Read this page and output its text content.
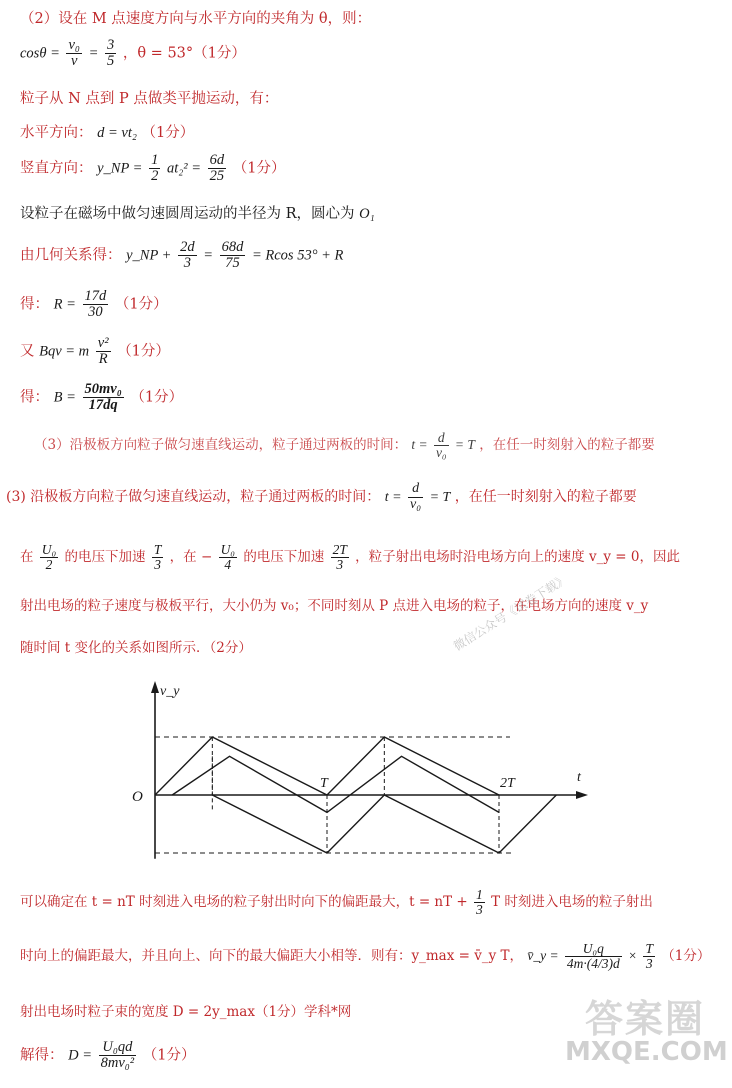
（2）设在 M 点速度方向与水平方向的夹角为 θ，则：
$\cos\theta = \frac{\text{v₀}}{v} = \frac{3}{5}$ ，θ = 53°（1分）
粒子从 N 点到 P 点做类平抛运动，有：
水平方向： d = vt₂ （1分）
竖直方向： y_NP = $\frac{1}{2} at_2^2 = \frac{6d}{25} (1$分）
设粒子在磁场中做匀速圆周运动的半径为 R，圆心为 O₁
由几何关系得： y_NP + $\frac{2d}{3} = \frac{68d}{75} = Rcos$ 53° + R
得： $R = \frac{17d}{30} (1$分）
又 Bqv = m $\frac{\text{v²}}{R} (1$分）
得： $B = \frac{\text{50mv₀}}{17dq} (1$分）
（3）沿极板方向粒子做匀速直线运动，粒子通过两板的时间： $t = \frac{d}{\text{v₀}} = T$ ，在任一时刻射入的粒子都要
(3) 沿极板方向粒子做匀速直线运动，粒子通过两板的时间： $t = \frac{d}{\text{v₀}} = T$ ，在任一时刻射入的粒子都要
在 $\frac{\text{U₀}}{2}$ 的电压下加速 $\frac{T}{3}$ ，在 − $\frac{\text{U₀}}{4}$ 的电压下加速 $\frac{2T}{3}$ ，粒子射出电场时沿电场方向上的速度 v_y = 0，因此
射出电场的粒子速度与极板平行，大小仍为 v₀；不同时刻从 P 点进入电场的粒子，在电场方向的速度 v_y
随时间 t 变化的关系如图所示．（2分）	微信公众号《试卷下载》
v_y
t
O
T	2T
可以确定在 t = nT 时刻进入电场的粒子射出时向下的偏距最大，t = nT + $\frac{1}{3}$ T 时刻进入电场的粒子射出
时向上的偏距最大，并且向上、向下的最大偏距大小相等．则有：y_max = v̄_y T， v̄_y = $\frac{\text{U₀q}}{4m\cdot(4/3)d} \times \frac{T}{3} (1$分）
射出电场时粒子束的宽度 D = 2y_max（1分）学科*网
解得： $D = \frac{\text{U₀qd}}{\text{8mv₀²}} (1$分）
答案圈
MXQE.COM
